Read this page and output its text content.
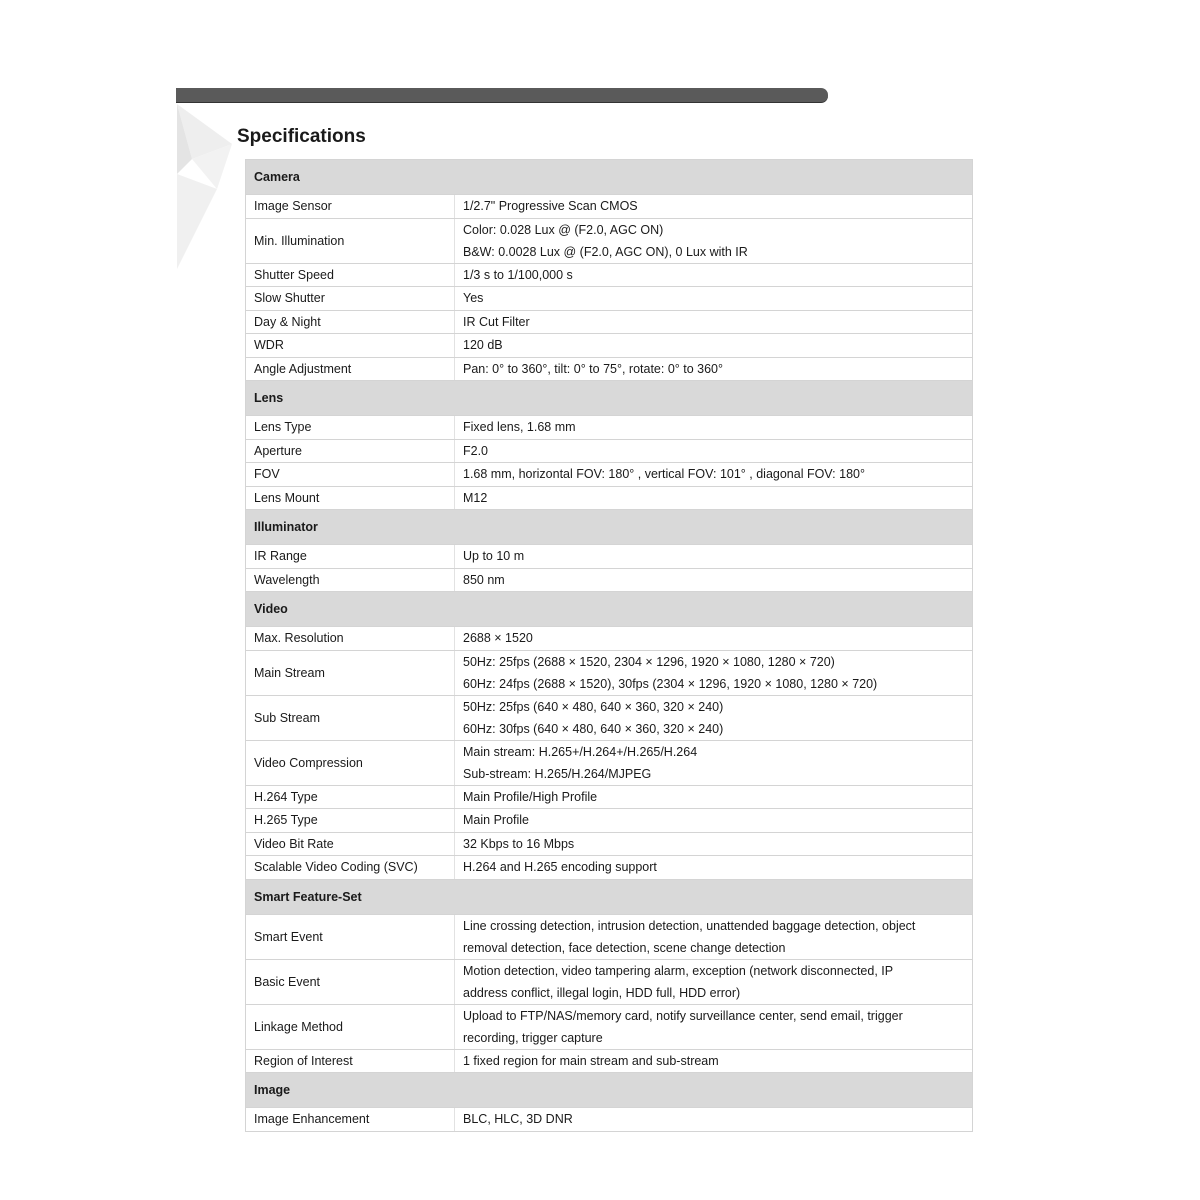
Specifications
Camera	
Image Sensor	1/2.7" Progressive Scan CMOS

Min. Illumination	Color: 0.028 Lux @ (F2.0, AGC ON)
B&W: 0.0028 Lux @ (F2.0, AGC ON), 0 Lux with IR

Shutter Speed	1/3 s to 1/100,000 s

Slow Shutter	Yes

Day & Night	IR Cut Filter

WDR	120 dB

Angle Adjustment	Pan: 0° to 360°, tilt: 0° to 75°, rotate: 0° to 360°

Lens	
Lens Type	Fixed lens, 1.68 mm

Aperture	F2.0

FOV	1.68 mm, horizontal FOV: 180° , vertical FOV: 101° , diagonal FOV: 180°

Lens Mount	M12

Illuminator	
IR Range	Up to 10 m

Wavelength	850 nm

Video	
Max. Resolution	2688 × 1520

Main Stream	50Hz: 25fps (2688 × 1520, 2304 × 1296, 1920 × 1080, 1280 × 720)
60Hz: 24fps (2688 × 1520), 30fps (2304 × 1296, 1920 × 1080, 1280 × 720)

Sub Stream	50Hz: 25fps (640 × 480, 640 × 360, 320 × 240)
60Hz: 30fps (640 × 480, 640 × 360, 320 × 240)

Video Compression	Main stream: H.265+/H.264+/H.265/H.264
Sub-stream: H.265/H.264/MJPEG

H.264 Type	Main Profile/High Profile

H.265 Type	Main Profile

Video Bit Rate	32 Kbps to 16 Mbps

Scalable Video Coding (SVC)	H.264 and H.265 encoding support

Smart Feature-Set	
Smart Event	Line crossing detection, intrusion detection, unattended baggage detection, object
removal detection, face detection, scene change detection

Basic Event	Motion detection, video tampering alarm, exception (network disconnected, IP
address conflict, illegal login, HDD full, HDD error)

Linkage Method	Upload to FTP/NAS/memory card, notify surveillance center, send email, trigger
recording, trigger capture

Region of Interest	1 fixed region for main stream and sub-stream

Image	
Image Enhancement	BLC, HLC, 3D DNR
